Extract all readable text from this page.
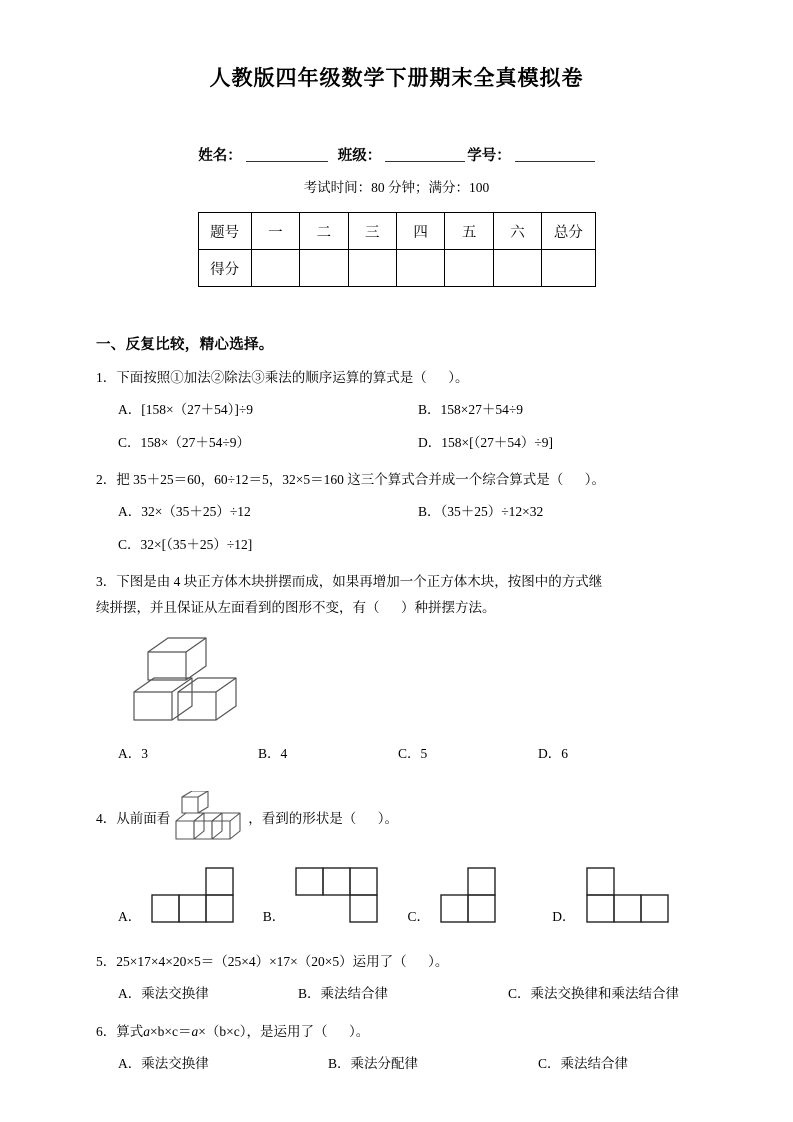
人教版四年级数学下册期末全真模拟卷
姓名：	班级：	学号：
考试时间：80 分钟；满分：100
题号	一	二	三	四	五	六	总分
得分							
一、反复比较，精心选择。
1．下面按照①加法②除法③乘法的顺序运算的算式是（ ）。
A．[158×（27＋54）]÷9	B．158×27＋54÷9
C．158×（27＋54÷9）	D．158×[（27＋54）÷9]
2．把 35＋25＝60，60÷12＝5，32×5＝160 这三个算式合并成一个综合算式是（ ）。
A．32×（35＋25）÷12	B．（35＋25）÷12×32
C．32×[（35＋25）÷12]
3．下图是由 4 块正方体木块拼摆而成，如果再增加一个正方体木块，按图中的方式继
续拼摆，并且保证从左面看到的图形不变，有（ ）种拼摆方法。
A．3	B．4	C．5	D．6
4．从前面看	，看到的形状是（ ）。
A．	B．	C．	D．
5．25×17×4×20×5＝（25×4）×17×（20×5）运用了（ ）。
A．乘法交换律	B．乘法结合律	C．乘法交换律和乘法结合律
6．算式a×b×c＝a×（b×c），是运用了（ ）。
A．乘法交换律	B．乘法分配律	C．乘法结合律
